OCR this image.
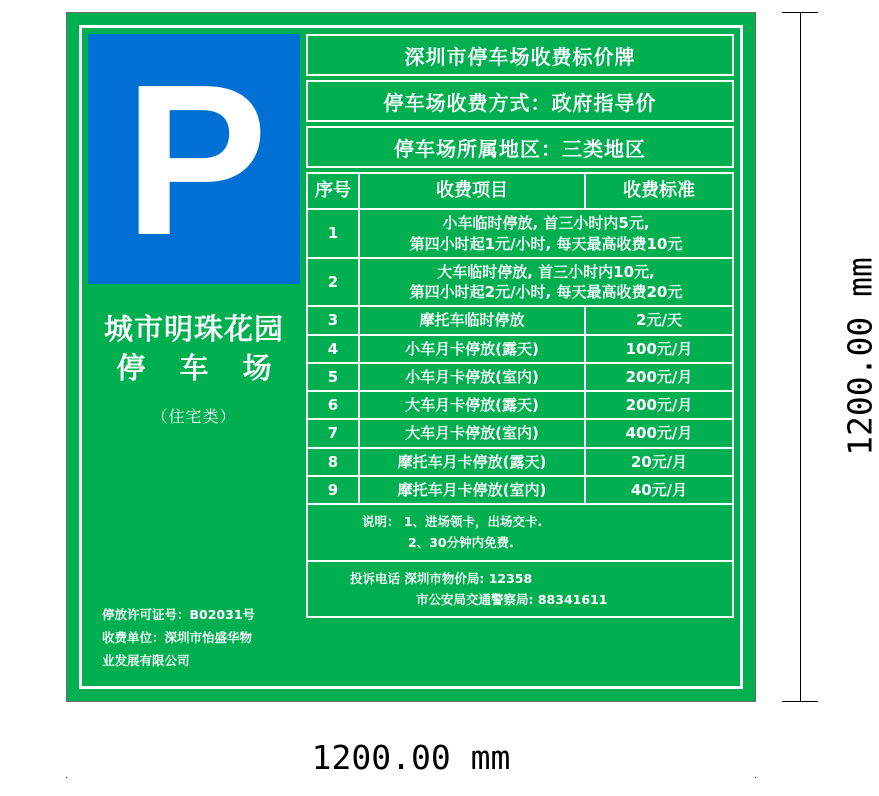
P
城市明珠花园
停 车 场
（住宅类）
停放许可证号：B02031号
收费单位：深圳市怡盛华物
业发展有限公司
深圳市停车场收费标价牌
停车场收费方式：政府指导价
停车场所属地区：三类地区
序号	收费项目	收费标准
1	小车临时停放, 首三小时内5元,
第四小时起1元/小时, 每天最高收费10元	
2	大车临时停放, 首三小时内10元,
第四小时起2元/小时, 每天最高收费20元	
3	摩托车临时停放	2元/天
4	小车月卡停放(露天)	100元/月
5	小车月卡停放(室内)	200元/月
6	大车月卡停放(露天)	200元/月
7	大车月卡停放(室内)	400元/月
8	摩托车月卡停放(露天)	20元/月
9	摩托车月卡停放(室内)	40元/月
说明： 1、进场领卡，出场交卡.
2、30分钟内免费.
投诉电话 深圳市物价局: 12358
市公安局交通警察局: 88341611
1200.00 mm
1200.00 mm
